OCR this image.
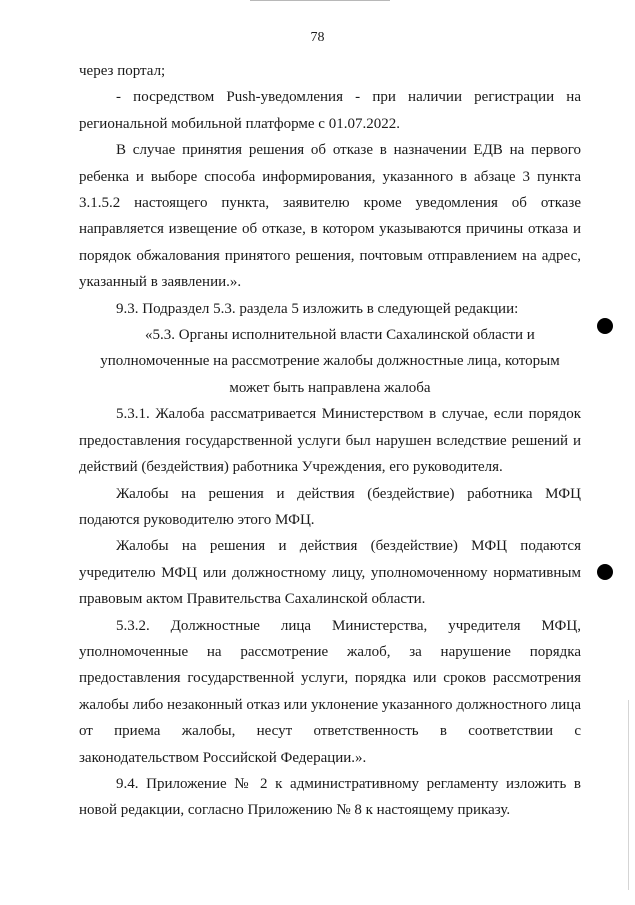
78

через портал;

- посредством Push-уведомления - при наличии регистрации на региональной мобильной платформе с 01.07.2022.

В случае принятия решения об отказе в назначении ЕДВ на первого ребенка и выборе способа информирования, указанного в абзаце 3 пункта 3.1.5.2 настоящего пункта, заявителю кроме уведомления об отказе направляется извещение об отказе, в котором указываются причины отказа и порядок обжалования принятого решения, почтовым отправлением на адрес, указанный в заявлении.».

9.3. Подраздел 5.3. раздела 5 изложить в следующей редакции:

«5.3. Органы исполнительной власти Сахалинской области и

уполномоченные на рассмотрение жалобы должностные лица, которым может быть направлена жалоба

5.3.1. Жалоба рассматривается Министерством в случае, если порядок предоставления государственной услуги был нарушен вследствие решений и действий (бездействия) работника Учреждения, его руководителя.

Жалобы на решения и действия (бездействие) работника МФЦ подаются руководителю этого МФЦ.

Жалобы на решения и действия (бездействие) МФЦ подаются учредителю МФЦ или должностному лицу, уполномоченному нормативным правовым актом Правительства Сахалинской области.

5.3.2. Должностные лица Министерства, учредителя МФЦ, уполномоченные на рассмотрение жалоб, за нарушение порядка предоставления государственной услуги, порядка или сроков рассмотрения жалобы либо незаконный отказ или уклонение указанного должностного лица от приема жалобы, несут ответственность в соответствии с законодательством Российской Федерации.».

9.4. Приложение № 2 к административному регламенту изложить в новой редакции, согласно Приложению № 8 к настоящему приказу.
